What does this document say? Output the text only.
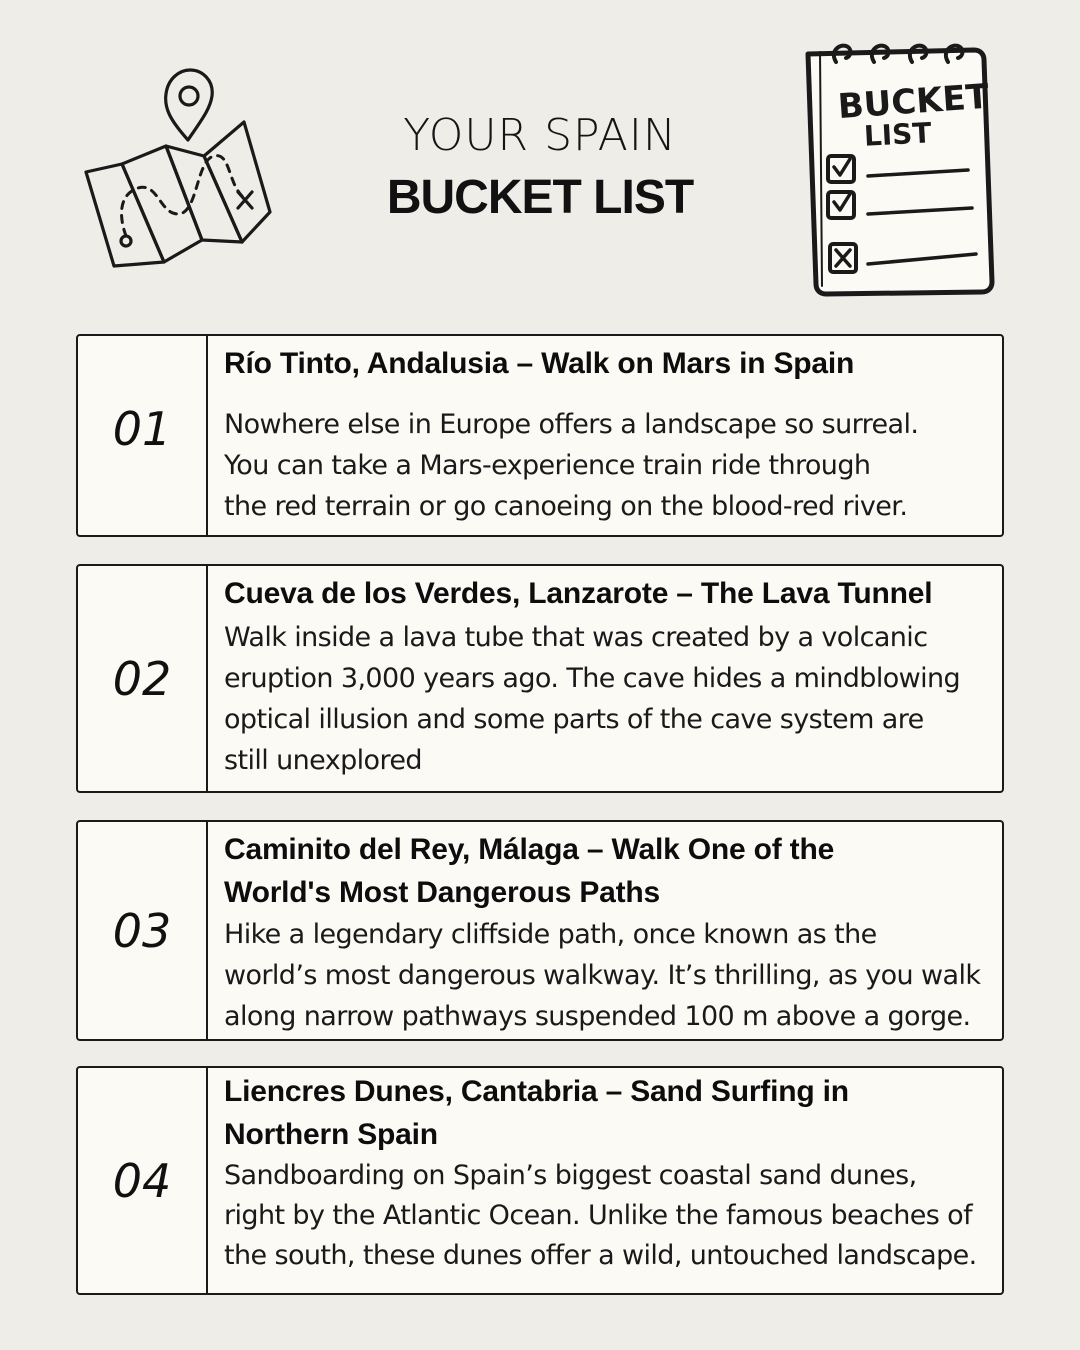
YOUR SPAIN
BUCKET LIST
BUCKET
LIST
01
Río Tinto, Andalusia – Walk on Mars in Spain
Nowhere else in Europe offers a landscape so surreal.
You can take a Mars-experience train ride through
the red terrain or go canoeing on the blood-red river.
02
Cueva de los Verdes, Lanzarote – The Lava Tunnel
Walk inside a lava tube that was created by a volcanic
eruption 3,000 years ago. The cave hides a mindblowing
optical illusion and some parts of the cave system are
still unexplored
03
Caminito del Rey, Málaga – Walk One of the
World's Most Dangerous Paths
Hike a legendary cliffside path, once known as the
world’s most dangerous walkway. It’s thrilling, as you walk
along narrow pathways suspended 100 m above a gorge.
04
Liencres Dunes, Cantabria – Sand Surfing in
Northern Spain
Sandboarding on Spain’s biggest coastal sand dunes,
right by the Atlantic Ocean. Unlike the famous beaches of
the south, these dunes offer a wild, untouched landscape.
